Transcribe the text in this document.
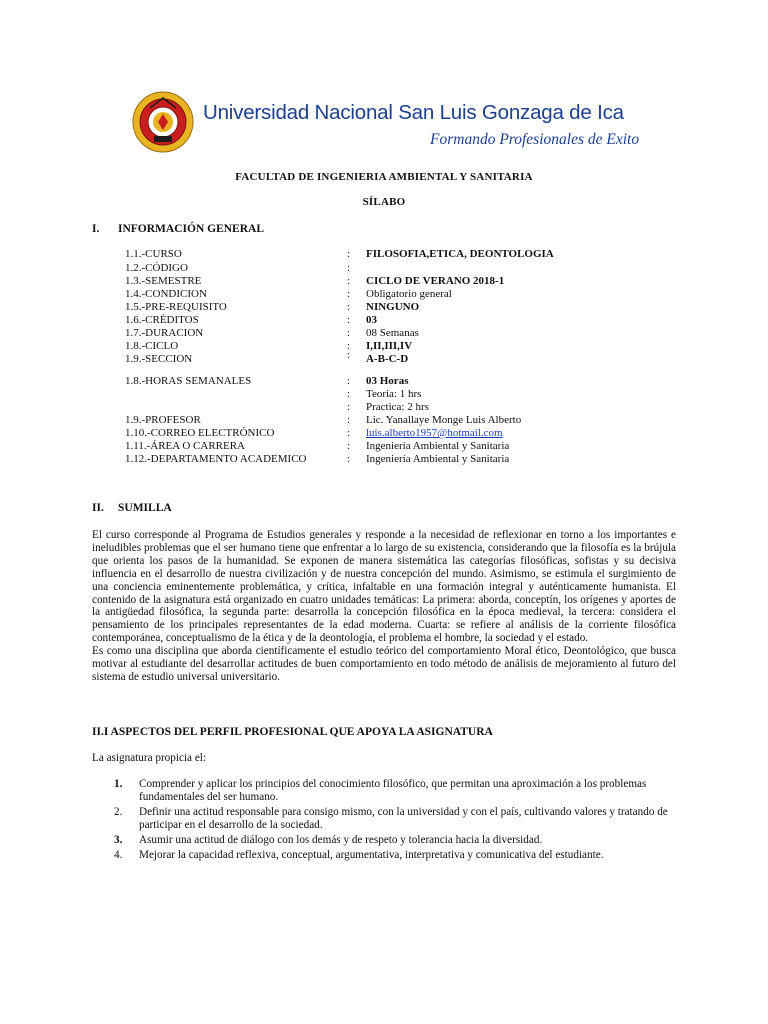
Universidad Nacional San Luis Gonzaga de Ica
Formando Profesionales de Exito
FACULTAD DE INGENIERIA AMBIENTAL Y SANITARIA
SÍLABO
I. INFORMACIÓN GENERAL
1.1.-CURSO	: FILOSOFIA,ETICA, DEONTOLOGIA
1.2.-CÓDIGO	:
1.3.-SEMESTRE	: CICLO DE VERANO 2018-1
1.4.-CONDICION	: Obligatorio general
1.5.-PRE-REQUISITO	: NINGUNO
1.6.-CRÉDITOS	: 03
1.7.-DURACION	: 08 Semanas
1.8.-CICLO	: I,II,III,IV
1.9.-SECCION	: A-B-C-D
1.8.-HORAS SEMANALES	: 03 Horas
: Teoria: 1 hrs
: Practica: 2 hrs
1.9.-PROFESOR	: Lic. Yanallaye Monge Luis Alberto
1.10.-CORREO ELECTRÓNICO	: luis.alberto1957@hotmail.com
1.11.-ÁREA O CARRERA	: Ingeniería Ambiental y Sanitaria
1.12.-DEPARTAMENTO ACADEMICO	: Ingeniería Ambiental y Sanitaria
II. SUMILLA

El curso corresponde al Programa de Estudios generales y responde a la necesidad de reflexionar en torno a los importantes e ineludibles problemas que el ser humano tiene que enfrentar a lo largo de su existencia, considerando que la filosofía es la brújula que orienta los pasos de la humanidad. Se exponen de manera sistemática las categorías filosóficas, sofistas y su decisiva influencia en el desarrollo de nuestra civilización y de nuestra concepción del mundo. Asimismo, se estimula el surgimiento de una conciencia eminentemente problemática, y crítica, infaltable en una formación integral y auténticamente humanista. El contenido de la asignatura está organizado en cuatro unidades temáticas: La primera: aborda, conceptín, los orígenes y aportes de la antigüedad filosófica, la segunda parte: desarrolla la concepción filosófica en la época medieval, la tercera: considera el pensamiento de los principales representantes de la edad moderna. Cuarta: se refiere al análisis de la corriente filosófica contemporánea, conceptualismo de la ética y de la deontología, el problema el hombre, la sociedad y el estado.

Es como una disciplina que aborda científicamente el estudio teórico del comportamiento Moral ético, Deontológico, que busca motivar al estudiante del desarrollar actitudes de buen comportamiento en todo método de análisis de mejoramiento al futuro del sistema de estudio universal universitario.

II.I ASPECTOS DEL PERFIL PROFESIONAL QUE APOYA LA ASIGNATURA
La asignatura propicia el:
1. Comprender y aplicar los principios del conocimiento filosófico, que permitan una aproximación a los problemas fundamentales del ser humano.
2. Definir una actitud responsable para consigo mismo, con la universidad y con el país, cultivando valores y tratando de participar en el desarrollo de la sociedad.
3. Asumir una actitud de diálogo con los demás y de respeto y tolerancia hacia la diversidad.
4. Mejorar la capacidad reflexiva, conceptual, argumentativa, interpretativa y comunicativa del estudiante.
